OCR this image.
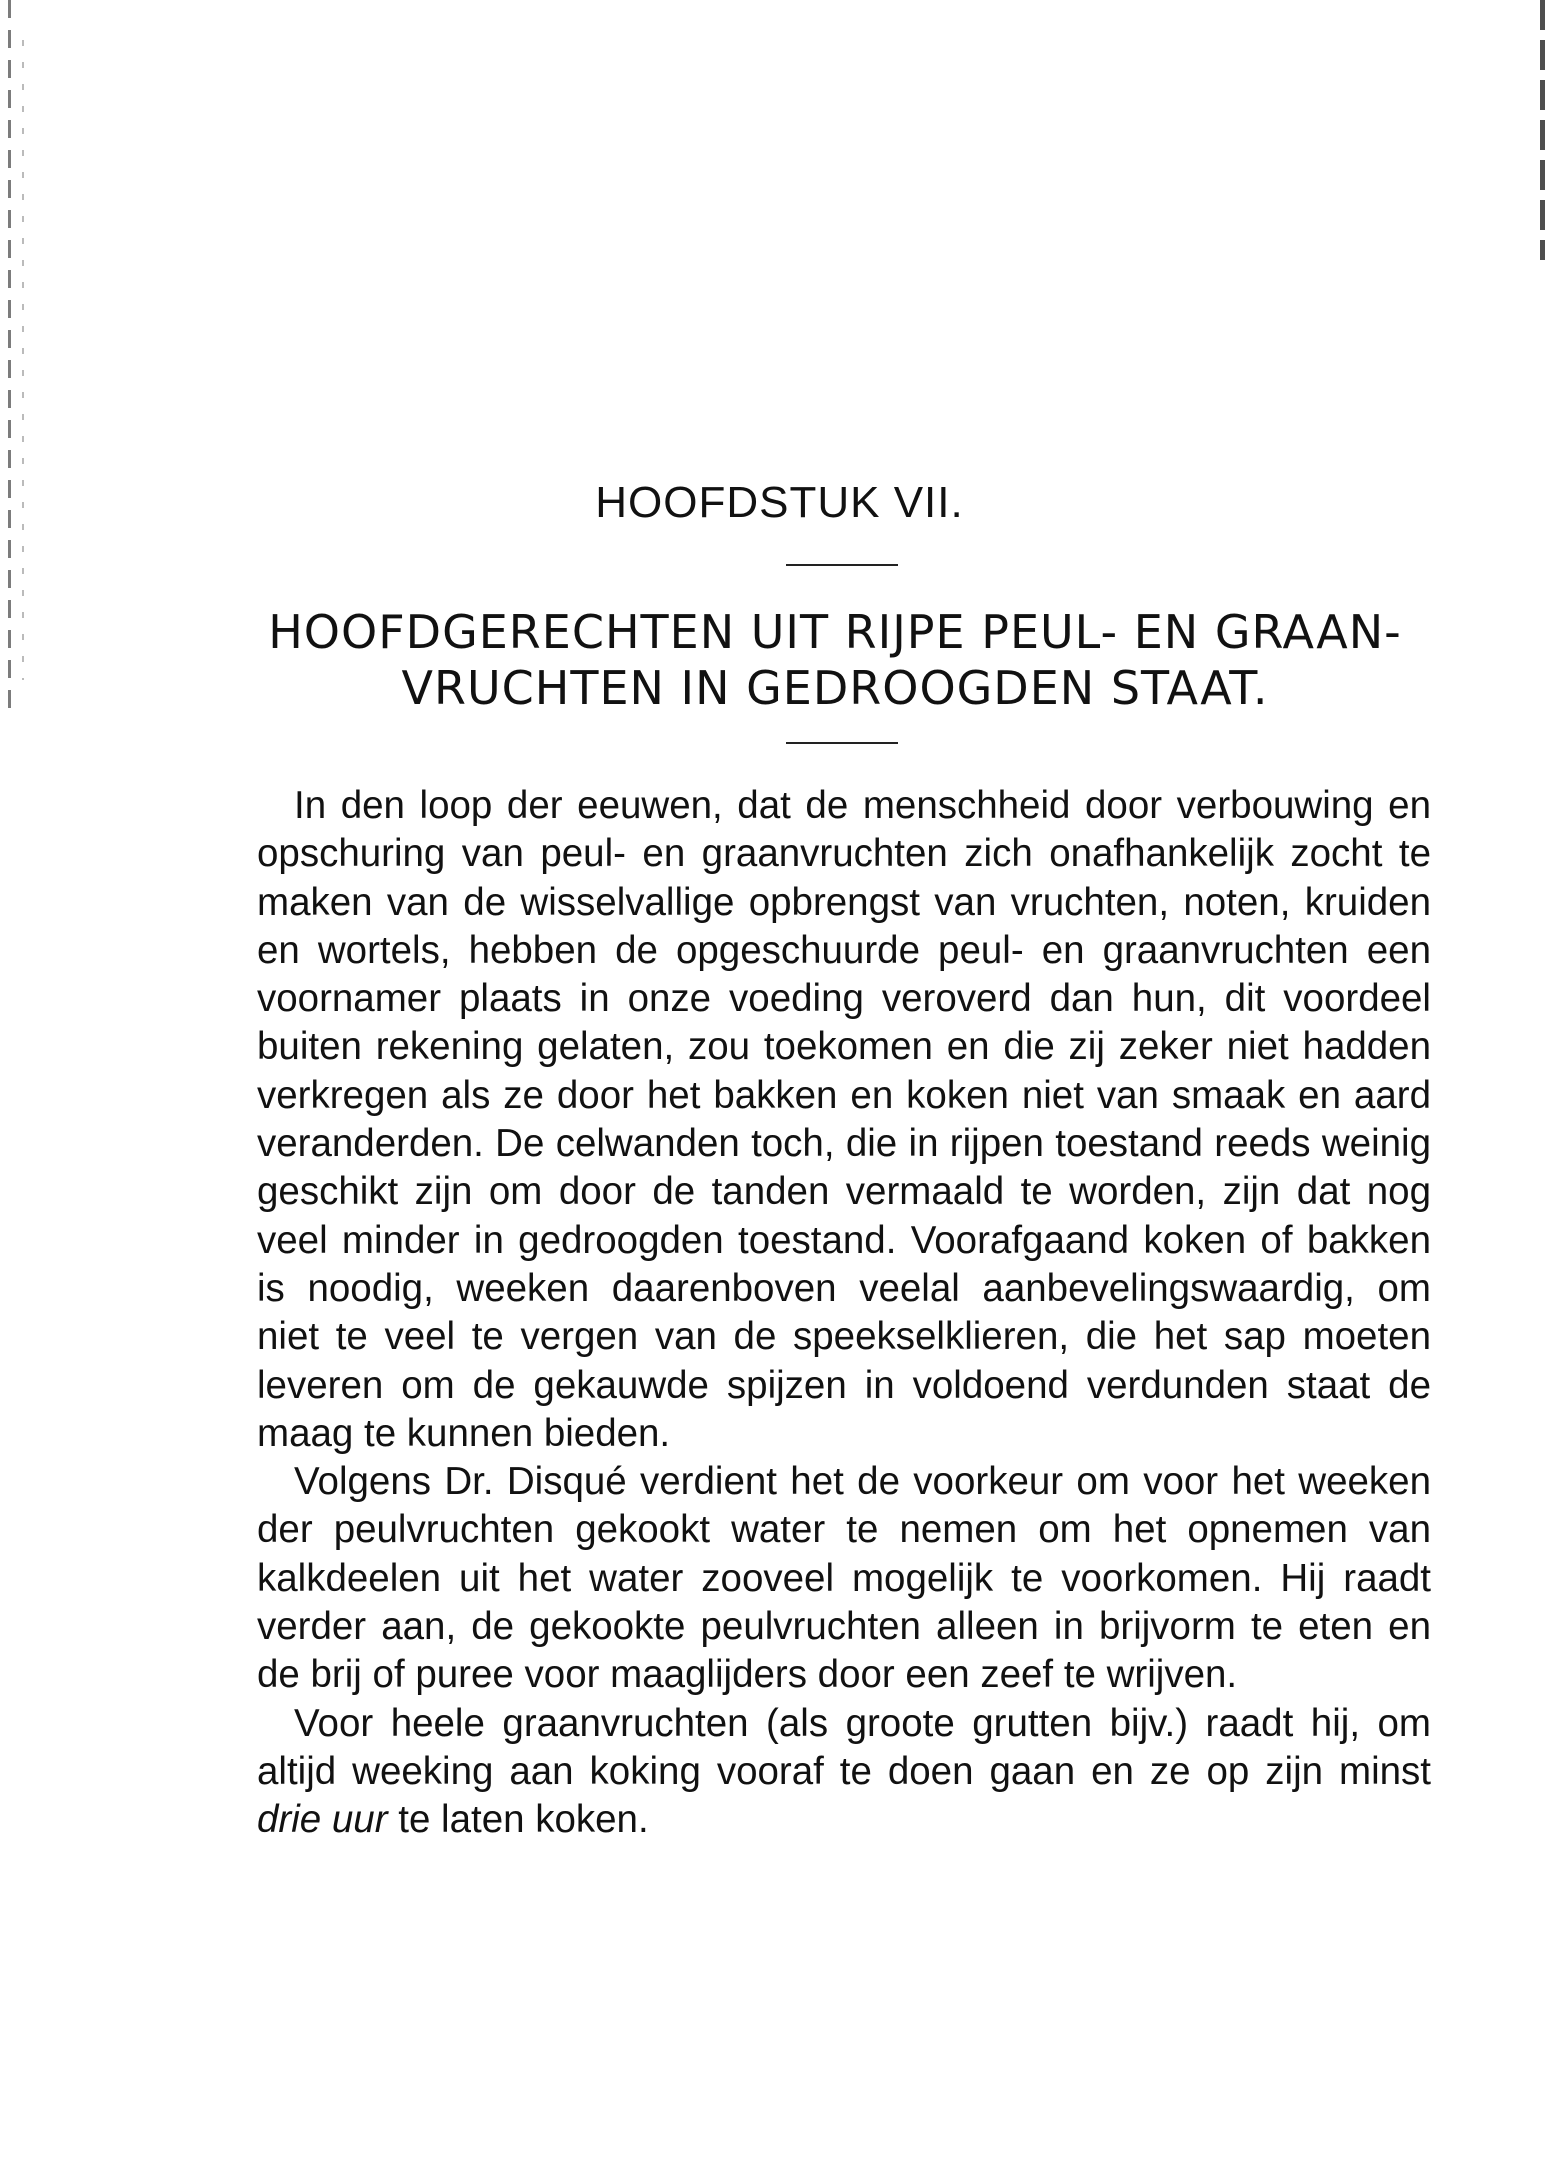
HOOFDSTUK VII.
HOOFDGERECHTEN UIT RIJPE PEUL- EN GRAAN-
VRUCHTEN IN GEDROOGDEN STAAT.

In den loop der eeuwen, dat de menschheid door verbouwing en opschuring van peul- en graanvruchten zich onafhankelijk zocht te maken van de wisselvallige opbrengst van vruchten, noten, kruiden en wortels, hebben de opgeschuurde peul- en graanvruchten een voornamer plaats in onze voeding veroverd dan hun, dit voordeel buiten rekening gelaten, zou toekomen en die zij zeker niet hadden verkregen als ze door het bakken en koken niet van smaak en aard veranderden. De celwanden toch, die in rijpen toestand reeds weinig geschikt zijn om door de tanden vermaald te worden, zijn dat nog veel minder in gedroogden toestand. Voorafgaand koken of bakken is noodig, weeken daarenboven veelal aanbevelingswaardig, om niet te veel te vergen van de speekselklieren, die het sap moeten leveren om de gekauwde spijzen in voldoend verdunden staat de maag te kunnen bieden.

Volgens Dr. Disqué verdient het de voorkeur om voor het weeken der peulvruchten gekookt water te nemen om het opnemen van kalkdeelen uit het water zooveel mogelijk te voorkomen. Hij raadt verder aan, de gekookte peulvruchten alleen in brijvorm te eten en de brij of puree voor maaglijders door een zeef te wrijven.

Voor heele graanvruchten (als groote grutten bijv.) raadt hij, om altijd weeking aan koking vooraf te doen gaan en ze op zijn minst drie uur te laten koken.
